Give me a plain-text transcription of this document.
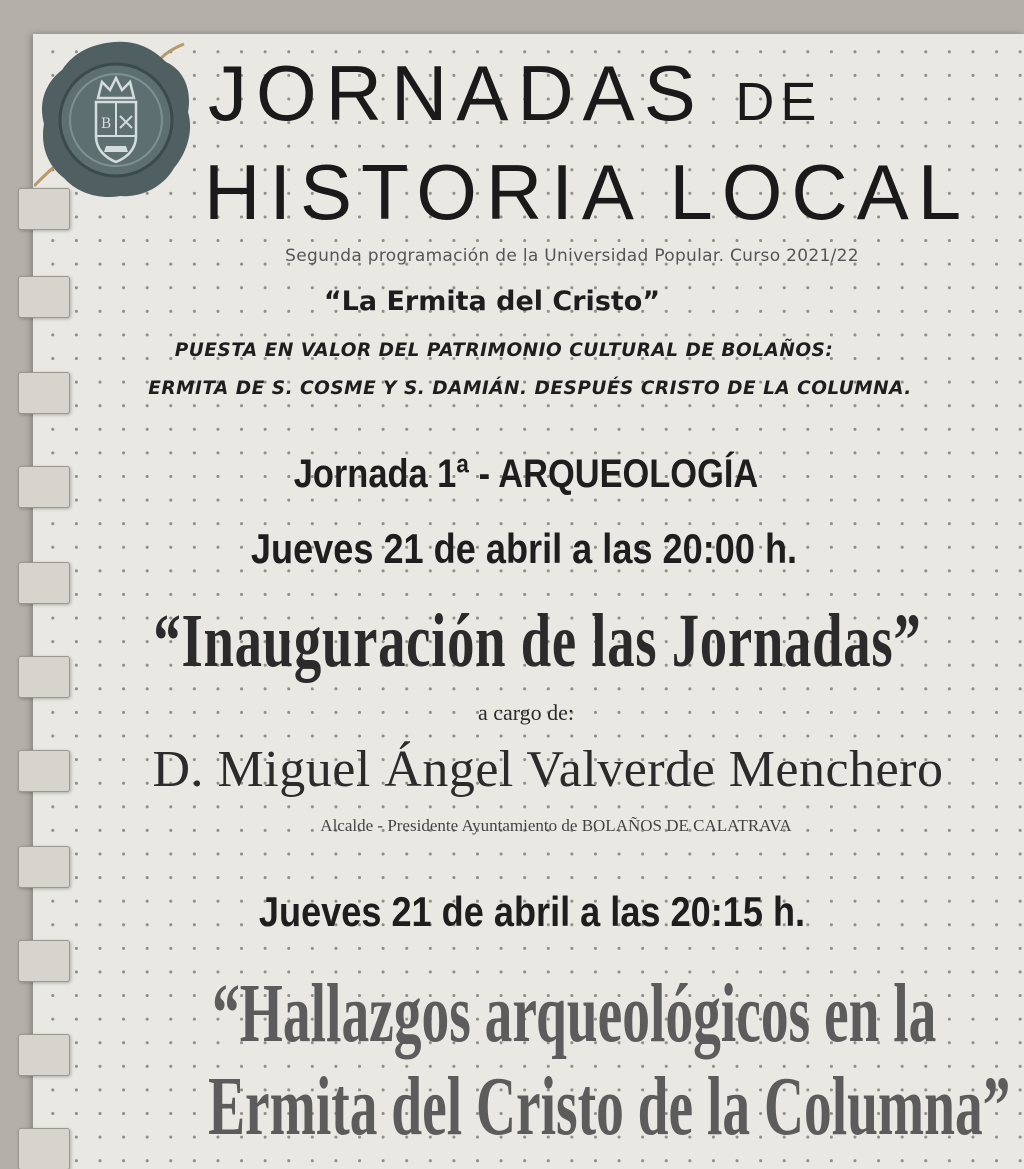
B JORNADAS DE
HISTORIA LOCAL
Segunda programación de la Universidad Popular. Curso 2021/22
“La Ermita del Cristo”
PUESTA EN VALOR DEL PATRIMONIO CULTURAL DE BOLAÑOS:
ERMITA DE S. COSME Y S. DAMIÁN. DESPUÉS CRISTO DE LA COLUMNA.
Jornada 1ª - ARQUEOLOGÍA
Jueves 21 de abril a las 20:00 h.
“Inauguración de las Jornadas”
a cargo de:
D. Miguel Ángel Valverde Menchero
Alcalde - Presidente Ayuntamiento de BOLAÑOS DE CALATRAVA
Jueves 21 de abril a las 20:15 h.
“Hallazgos arqueológicos en la
Ermita del Cristo de la Columna”
